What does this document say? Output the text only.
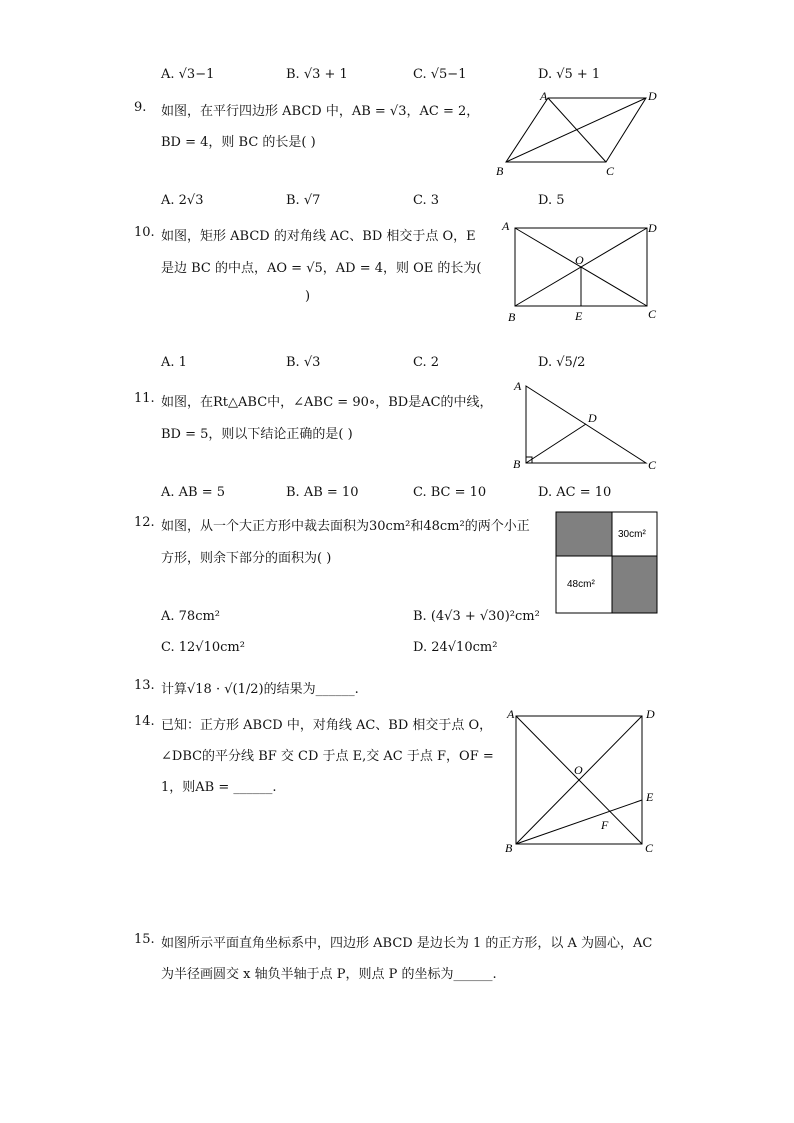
A. √3−1	B. √3 + 1	C. √5−1	D. √5 + 1
9. 如图，在平行四边形 ABCD 中，AB = √3，AC = 2，
BD = 4，则 BC 的长是( )
A	D
B	C
A. 2√3	B. √7	C. 3	D. 5
10. 如图，矩形 ABCD 的对角线 AC、BD 相交于点 O，E
是边 BC 的中点，AO = √5，AD = 4，则 OE 的长为(
)
A	D
O
B	E	C
A. 1	B. √3	C. 2	D. √5/2
11. 如图，在Rt△ABC中，∠ABC = 90∘，BD是AC的中线，
BD = 5，则以下结论正确的是( )
A
D
B	C
A. AB = 5	B. AB = 10	C. BC = 10	D. AC = 10
12. 如图，从一个大正方形中裁去面积为30cm²和48cm²的两个小正
方形，则余下部分的面积为( )
30cm²
48cm²
A. 78cm²	B. (4√3 + √30)²cm²
C. 12√10cm²	D. 24√10cm²
13. 计算√18 · √(1/2)的结果为______.
14. 已知：正方形 ABCD 中，对角线 AC、BD 相交于点 O，
∠DBC的平分线 BF 交 CD 于点 E,交 AC 于点 F，OF =
1，则AB = ______.
A	D
O
E
F
B	C
15. 如图所示平面直角坐标系中，四边形 ABCD 是边长为 1 的正方形，以 A 为圆心，AC
为半径画圆交 x 轴负半轴于点 P，则点 P 的坐标为______.
